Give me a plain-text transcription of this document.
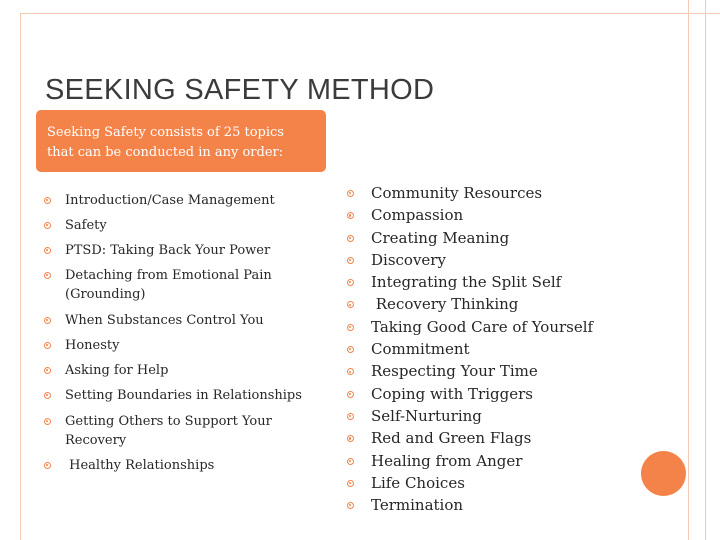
SEEKING SAFETY METHOD
Seeking Safety consists of 25 topics that can be conducted in any order:
Introduction/Case Management
Safety
PTSD: Taking Back Your Power
Detaching from Emotional Pain (Grounding)
When Substances Control You
Honesty
Asking for Help
Setting Boundaries in Relationships
Getting Others to Support Your Recovery
Healthy Relationships
Community Resources
Compassion
Creating Meaning
Discovery
Integrating the Split Self
Recovery Thinking
Taking Good Care of Yourself
Commitment
Respecting Your Time
Coping with Triggers
Self-Nurturing
Red and Green Flags
Healing from Anger
Life Choices
Termination
